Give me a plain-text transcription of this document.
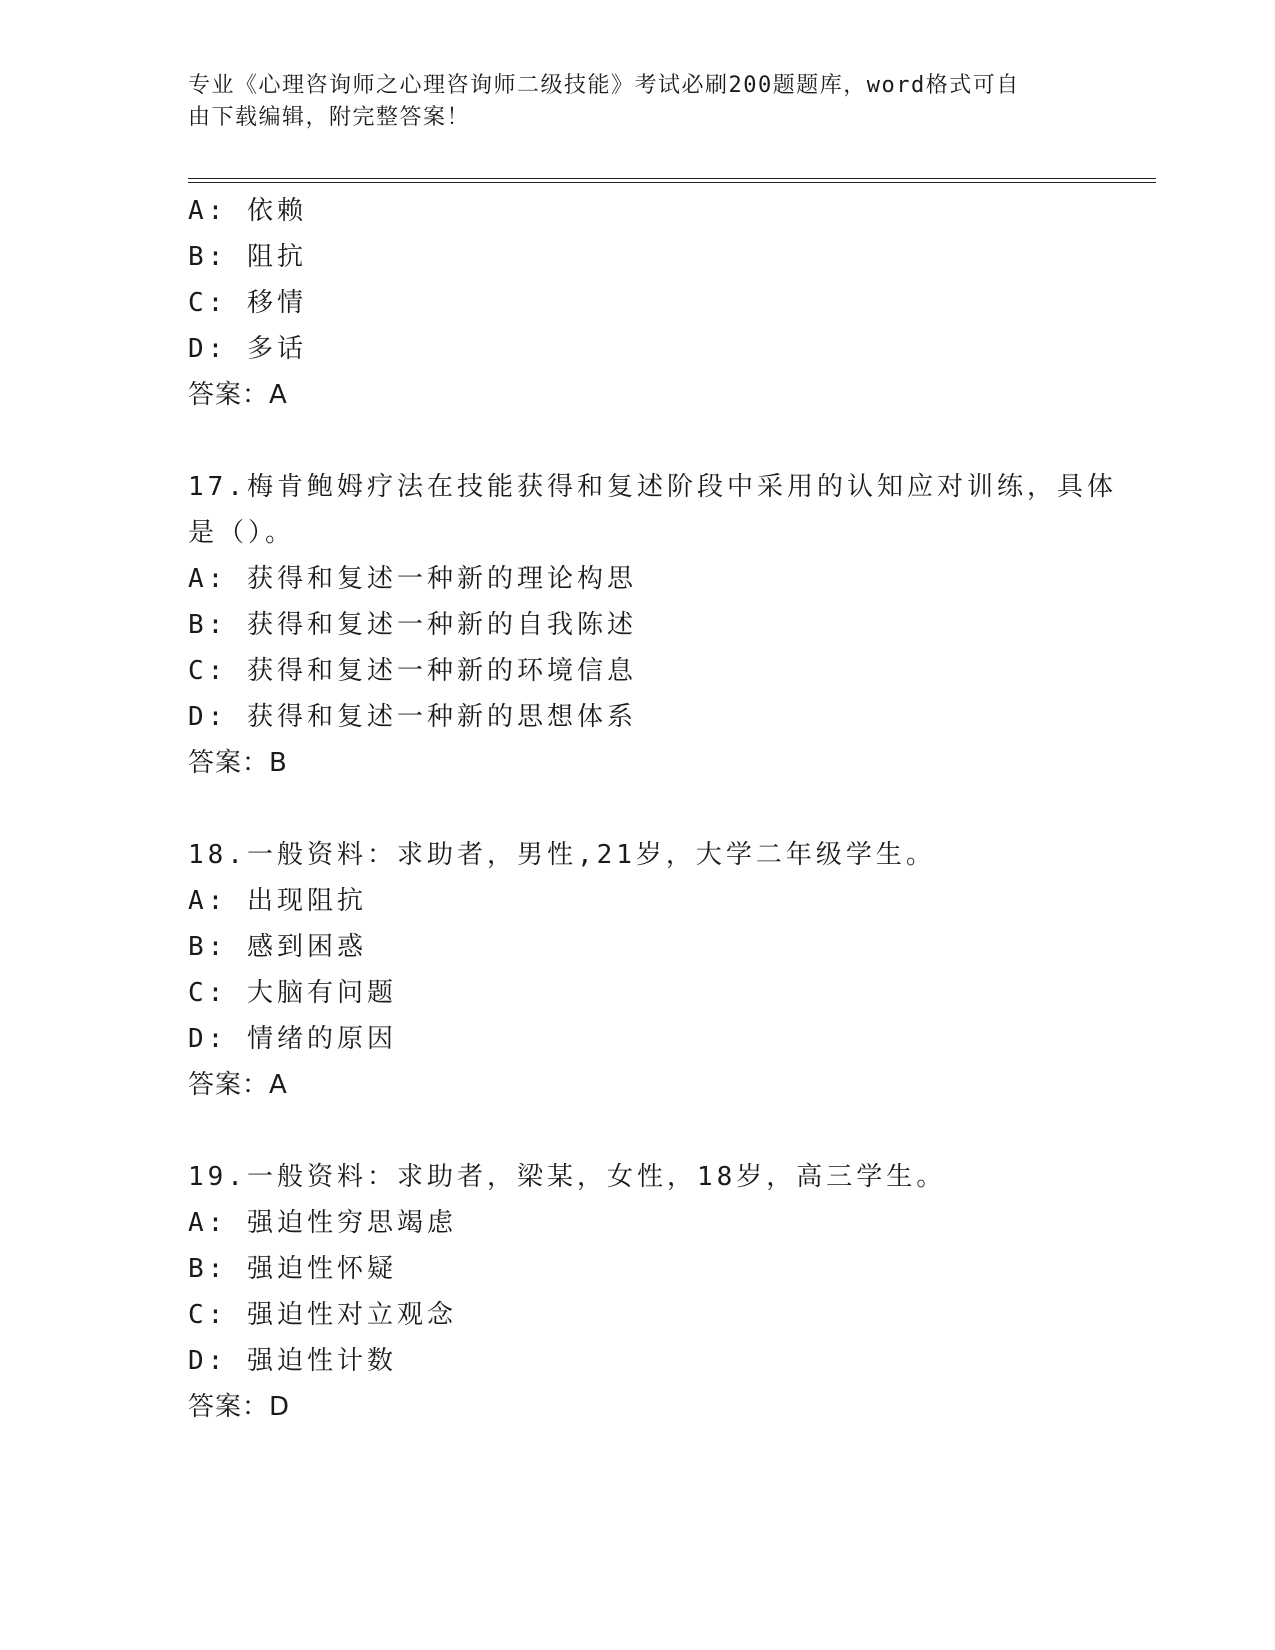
专业《心理咨询师之心理咨询师二级技能》考试必刷200题题库，word格式可自
由下载编辑，附完整答案！
A: 依赖
B: 阻抗
C: 移情
D: 多话
答案：A
17.梅肯鲍姆疗法在技能获得和复述阶段中采用的认知应对训练，具体
是（）。
A: 获得和复述一种新的理论构思
B: 获得和复述一种新的自我陈述
C: 获得和复述一种新的环境信息
D: 获得和复述一种新的思想体系
答案：B
18.一般资料：求助者，男性,21岁，大学二年级学生。
A: 出现阻抗
B: 感到困惑
C: 大脑有问题
D: 情绪的原因
答案：A
19.一般资料：求助者，梁某，女性，18岁，高三学生。
A: 强迫性穷思竭虑
B: 强迫性怀疑
C: 强迫性对立观念
D: 强迫性计数
答案：D
